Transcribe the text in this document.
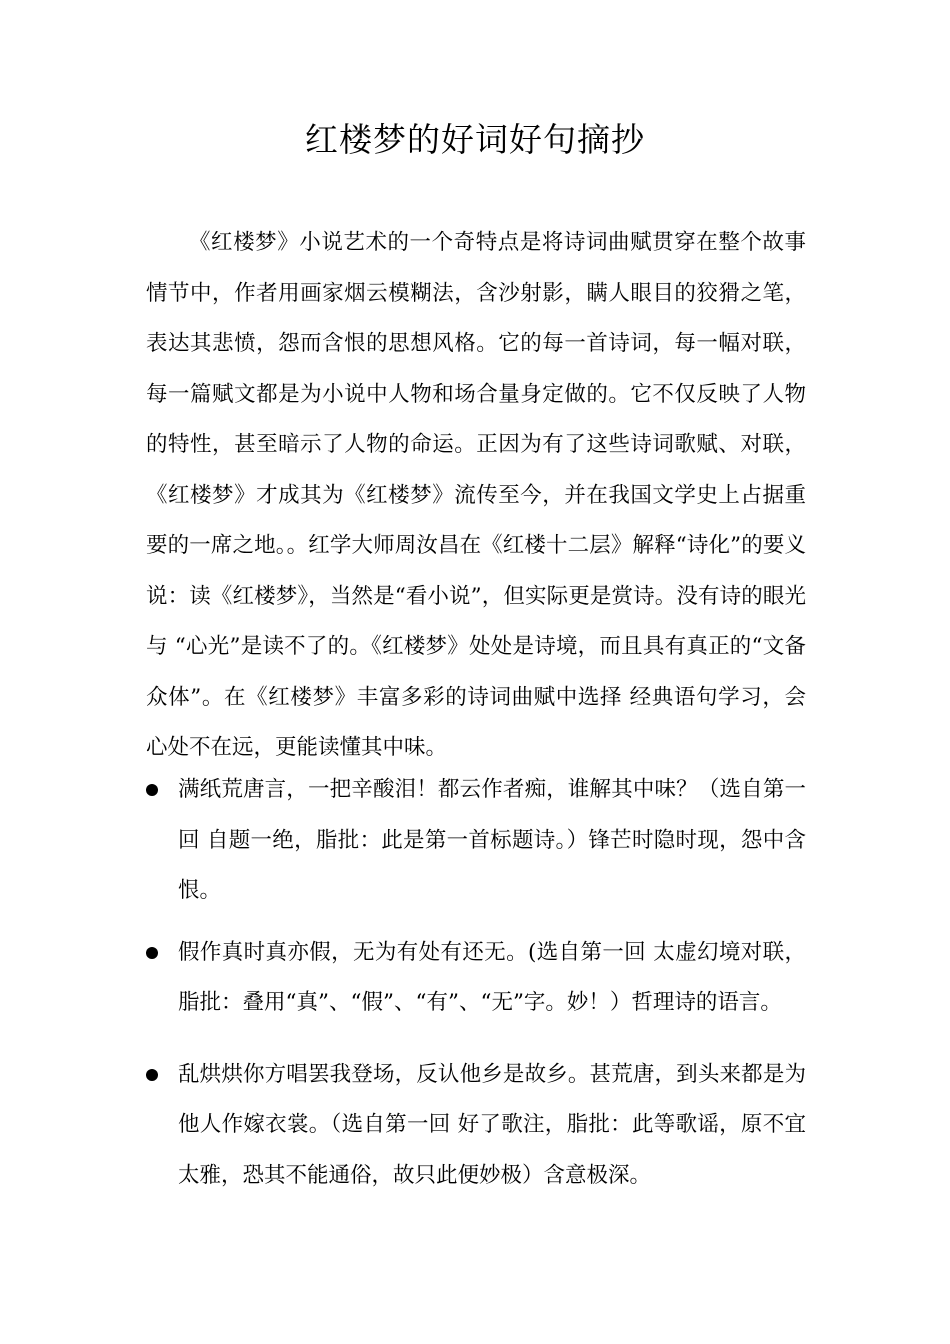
红楼梦的好词好句摘抄

《红楼梦》小说艺术的一个奇特点是将诗词曲赋贯穿在整个故事情节中，作者用画家烟云模糊法，含沙射影，瞒人眼目的狡猾之笔，表达其悲愤，怨而含恨的思想风格。它的每一首诗词，每一幅对联，每一篇赋文都是为小说中人物和场合量身定做的。它不仅反映了人物的特性，甚至暗示了人物的命运。正因为有了这些诗词歌赋、对联，《红楼梦》才成其为《红楼梦》流传至今，并在我国文学史上占据重要的一席之地。。红学大师周汝昌在《红楼十二层》解释“诗化”的要义说：读《红楼梦》，当然是“看小说”，但实际更是赏诗。没有诗的眼光与 “心光”是读不了的。《红楼梦》处处是诗境，而且具有真正的“文备众体”。在《红楼梦》丰富多彩的诗词曲赋中选择 经典语句学习，会心处不在远，更能读懂其中味。

满纸荒唐言，一把辛酸泪！都云作者痴，谁解其中味？（选自第一回 自题一绝，脂批：此是第一首标题诗。）锋芒时隐时现，怨中含恨。
假作真时真亦假，无为有处有还无。(选自第一回 太虚幻境对联，脂批：叠用“真”、“假”、“有”、“无”字。妙！）哲理诗的语言。
乱烘烘你方唱罢我登场，反认他乡是故乡。甚荒唐，到头来都是为他人作嫁衣裳。（选自第一回 好了歌注，脂批：此等歌谣，原不宜太雅，恐其不能通俗，故只此便妙极）含意极深。
